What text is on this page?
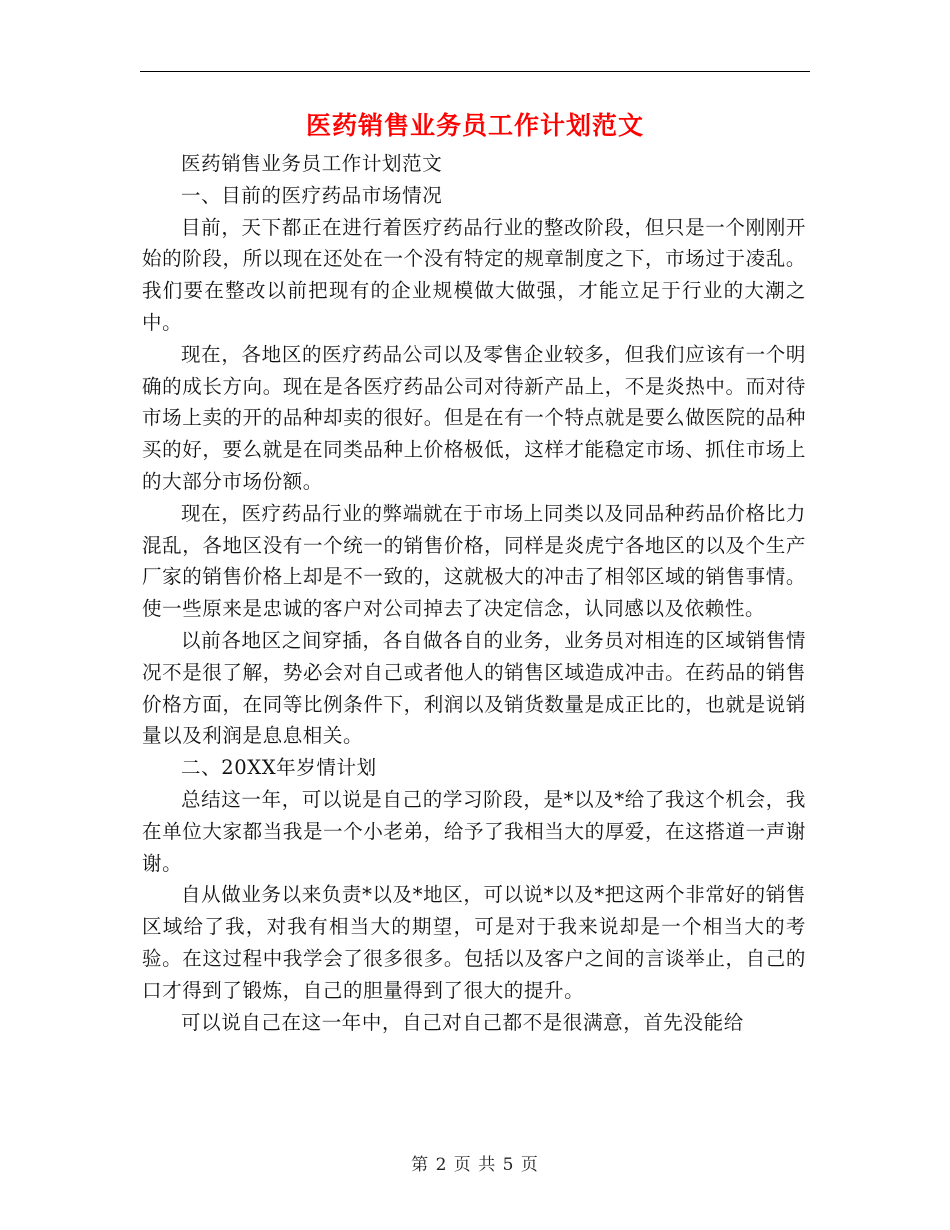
医药销售业务员工作计划范文

医药销售业务员工作计划范文

一、目前的医疗药品市场情况

目前，天下都正在进行着医疗药品行业的整改阶段，但只是一个刚刚开始的阶段，所以现在还处在一个没有特定的规章制度之下，市场过于凌乱。我们要在整改以前把现有的企业规模做大做强，才能立足于行业的大潮之中。

现在，各地区的医疗药品公司以及零售企业较多，但我们应该有一个明确的成长方向。现在是各医疗药品公司对待新产品上，不是炎热中。而对待市场上卖的开的品种却卖的很好。但是在有一个特点就是要么做医院的品种买的好，要么就是在同类品种上价格极低，这样才能稳定市场、抓住市场上的大部分市场份额。

现在，医疗药品行业的弊端就在于市场上同类以及同品种药品价格比力混乱，各地区没有一个统一的销售价格，同样是炎虎宁各地区的以及个生产厂家的销售价格上却是不一致的，这就极大的冲击了相邻区域的销售事情。使一些原来是忠诚的客户对公司掉去了决定信念，认同感以及依赖性。

以前各地区之间穿插，各自做各自的业务，业务员对相连的区域销售情况不是很了解，势必会对自己或者他人的销售区域造成冲击。在药品的销售价格方面，在同等比例条件下，利润以及销货数量是成正比的，也就是说销量以及利润是息息相关。

二、20XX年岁情计划

总结这一年，可以说是自己的学习阶段，是*以及*给了我这个机会，我在单位大家都当我是一个小老弟，给予了我相当大的厚爱，在这搭道一声谢谢。

自从做业务以来负责*以及*地区，可以说*以及*把这两个非常好的销售区域给了我，对我有相当大的期望，可是对于我来说却是一个相当大的考验。在这过程中我学会了很多很多。包括以及客户之间的言谈举止，自己的口才得到了锻炼，自己的胆量得到了很大的提升。

可以说自己在这一年中，自己对自己都不是很满意，首先没能给

第 2 页 共 5 页
